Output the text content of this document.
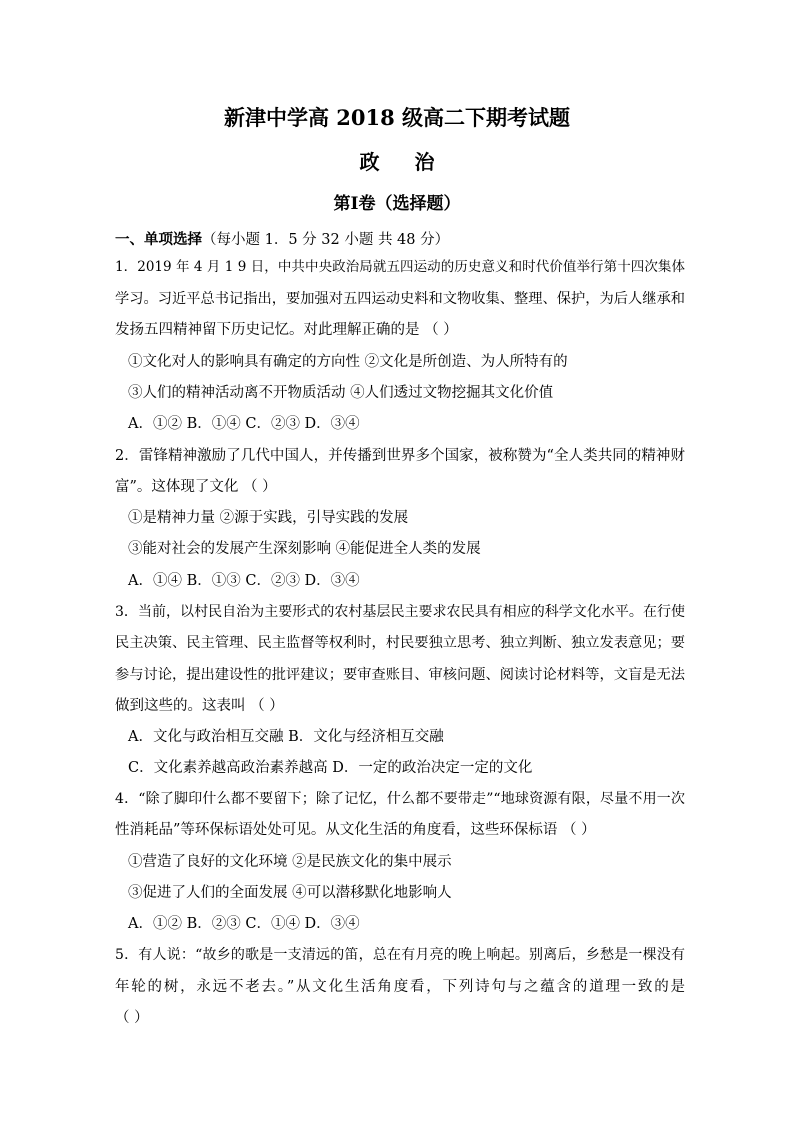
新津中学高 2018 级高二下期考试题
政 治
第Ⅰ卷（选择题）
一、单项选择（每小题 1．5 分 32 小题 共 48 分）
1．2019 年 4 月 1 9 日，中共中央政治局就五四运动的历史意义和时代价值举行第十四次集体
学习。习近平总书记指出，要加强对五四运动史料和文物收集、整理、保护，为后人继承和
发扬五四精神留下历史记忆。对此理解正确的是 （ ）
①文化对人的影响具有确定的方向性 ②文化是所创造、为人所特有的
③人们的精神活动离不开物质活动 ④人们透过文物挖掘其文化价值
A．①② B．①④ C．②③ D．③④
2．雷锋精神激励了几代中国人，并传播到世界多个国家，被称赞为“全人类共同的精神财
富”。这体现了文化 （ ）
①是精神力量 ②源于实践，引导实践的发展
③能对社会的发展产生深刻影响 ④能促进全人类的发展
A．①④ B．①③ C．②③ D．③④
3．当前，以村民自治为主要形式的农村基层民主要求农民具有相应的科学文化水平。在行使
民主决策、民主管理、民主监督等权利时，村民要独立思考、独立判断、独立发表意见；要
参与讨论，提出建设性的批评建议；要审查账目、审核问题、阅读讨论材料等，文盲是无法
做到这些的。这表叫 （ ）
A．文化与政治相互交融 B．文化与经济相互交融
C．文化素养越高政治素养越高 D．一定的政治决定一定的文化
4．“除了脚印什么都不要留下；除了记忆，什么都不要带走”“地球资源有限，尽量不用一次
性消耗品”等环保标语处处可见。从文化生活的角度看，这些环保标语 （ ）
①营造了良好的文化环境 ②是民族文化的集中展示
③促进了人们的全面发展 ④可以潜移默化地影响人
A．①② B．②③ C．①④ D．③④
5．有人说：“故乡的歌是一支清远的笛，总在有月亮的晚上响起。别离后，乡愁是一棵没有
年轮的树，永远不老去。”从文化生活角度看，下列诗句与之蕴含的道理一致的是
（ ）
